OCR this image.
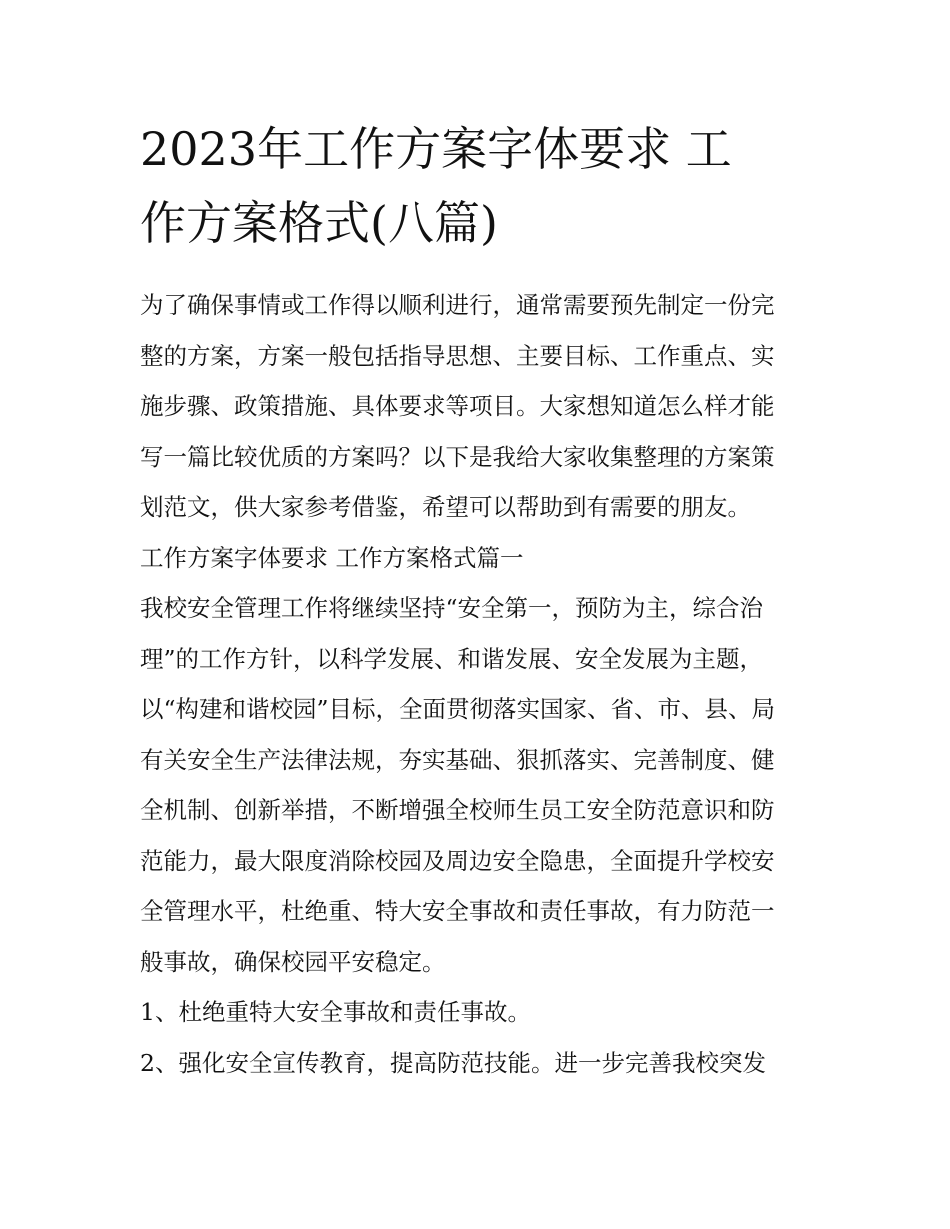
2023年工作方案字体要求 工
作方案格式(八篇)
为了确保事情或工作得以顺利进行，通常需要预先制定一份完
整的方案，方案一般包括指导思想、主要目标、工作重点、实
施步骤、政策措施、具体要求等项目。大家想知道怎么样才能
写一篇比较优质的方案吗？以下是我给大家收集整理的方案策
划范文，供大家参考借鉴，希望可以帮助到有需要的朋友。
工作方案字体要求 工作方案格式篇一
我校安全管理工作将继续坚持“安全第一，预防为主，综合治
理”的工作方针，以科学发展、和谐发展、安全发展为主题，
以“构建和谐校园”目标，全面贯彻落实国家、省、市、县、局
有关安全生产法律法规，夯实基础、狠抓落实、完善制度、健
全机制、创新举措，不断增强全校师生员工安全防范意识和防
范能力，最大限度消除校园及周边安全隐患，全面提升学校安
全管理水平，杜绝重、特大安全事故和责任事故，有力防范一
般事故，确保校园平安稳定。
1、杜绝重特大安全事故和责任事故。
2、强化安全宣传教育，提高防范技能。进一步完善我校突发
